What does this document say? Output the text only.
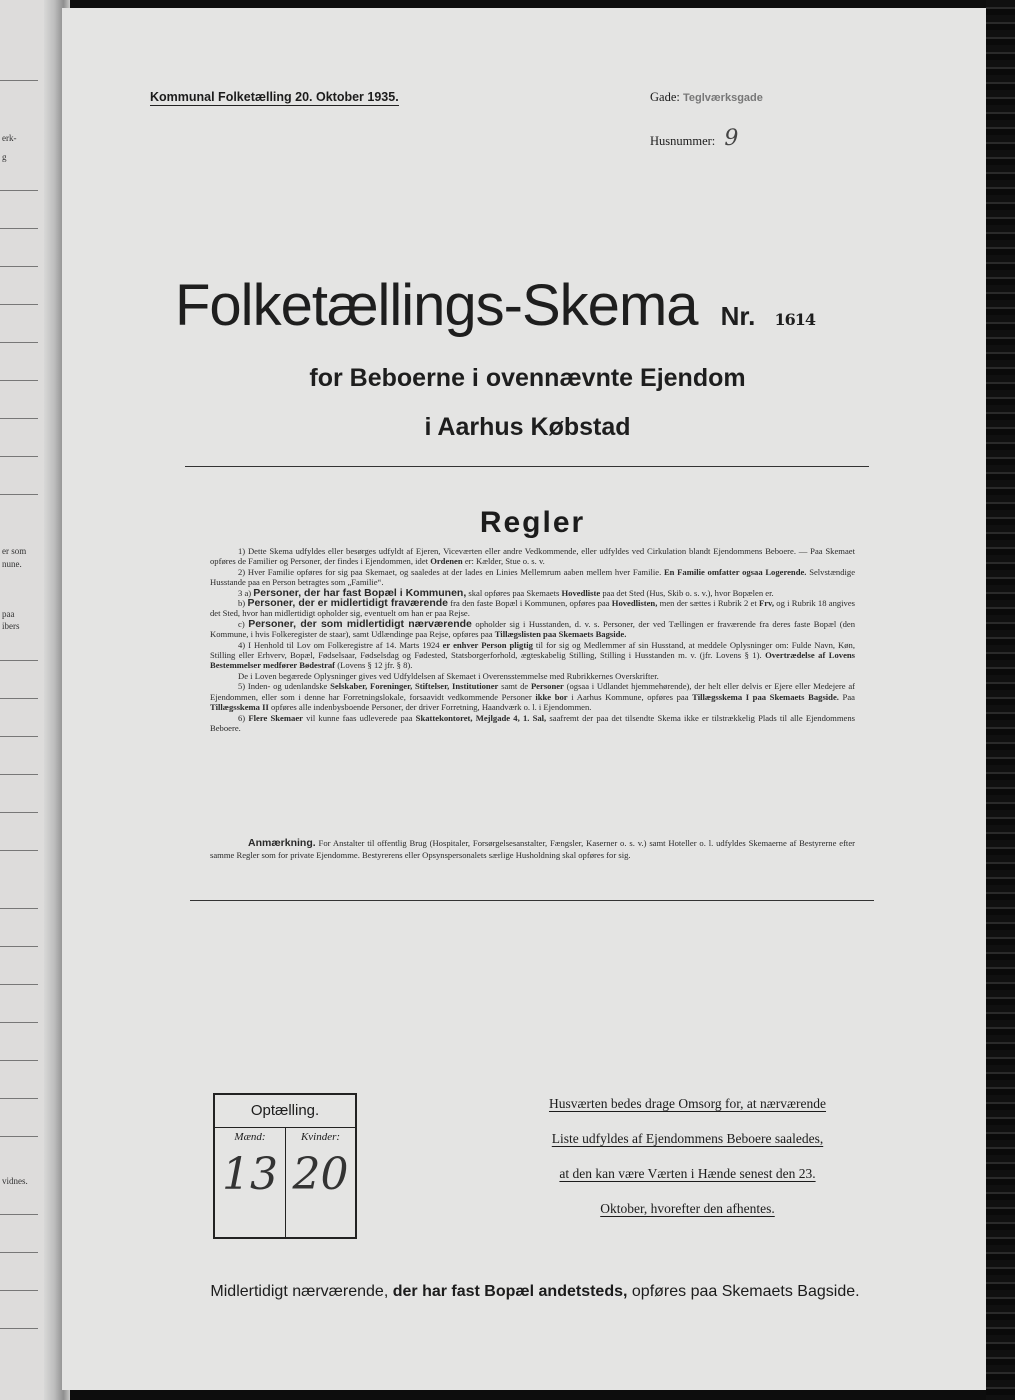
erk-
g
er som
nune.
paa
ibers
vidnes.
Kommunal Folketælling 20. Oktober 1935.	Gade: Teglværksgade
Husnummer: 9
Folketællings-Skema Nr. 1614
for Beboerne i ovennævnte Ejendom
i Aarhus Købstad
Regler

1) Dette Skema udfyldes eller besørges udfyldt af Ejeren, Viceværten eller andre Vedkommende, eller udfyldes ved Cirkulation blandt Ejendommens Beboere. — Paa Skemaet opføres de Familier og Personer, der findes i Ejendommen, idet Ordenen er: Kælder, Stue o. s. v.

2) Hver Familie opføres for sig paa Skemaet, og saaledes at der lades en Linies Mellemrum aaben mellem hver Familie. En Familie omfatter ogsaa Logerende. Selvstændige Husstande paa en Person betragtes som „Familie“.

3 a) Personer, der har fast Bopæl i Kommunen, skal opføres paa Skemaets Hovedliste paa det Sted (Hus, Skib o. s. v.), hvor Bopælen er.

b) Personer, der er midlertidigt fraværende fra den faste Bopæl i Kommunen, opføres paa Hovedlisten, men der sættes i Rubrik 2 et Frv, og i Rubrik 18 angives det Sted, hvor han midlertidigt opholder sig, eventuelt om han er paa Rejse.

c) Personer, der som midlertidigt nærværende opholder sig i Husstanden, d. v. s. Personer, der ved Tællingen er fraværende fra deres faste Bopæl (den Kommune, i hvis Folkeregister de staar), samt Udlændinge paa Rejse, opføres paa Tillægslisten paa Skemaets Bagside.

4) I Henhold til Lov om Folkeregistre af 14. Marts 1924 er enhver Person pligtig til for sig og Medlemmer af sin Husstand, at meddele Oplysninger om: Fulde Navn, Køn, Stilling eller Erhverv, Bopæl, Fødselsaar, Fødselsdag og Fødested, Statsborgerforhold, ægteskabelig Stilling, Stilling i Husstanden m. v. (jfr. Lovens § 1). Overtrædelse af Lovens Bestemmelser medfører Bødestraf (Lovens § 12 jfr. § 8).

De i Loven begærede Oplysninger gives ved Udfyldelsen af Skemaet i Overensstemmelse med Rubrikkernes Overskrifter.

5) Inden- og udenlandske Selskaber, Foreninger, Stiftelser, Institutioner samt de Personer (ogsaa i Udlandet hjemmehørende), der helt eller delvis er Ejere eller Medejere af Ejendommen, eller som i denne har Forretningslokale, forsaavidt vedkommende Personer ikke bor i Aarhus Kommune, opføres paa Tillægsskema I paa Skemaets Bagside. Paa Tillægsskema II opføres alle indenbysboende Personer, der driver Forretning, Haandværk o. l. i Ejendommen.

6) Flere Skemaer vil kunne faas udleverede paa Skattekontoret, Mejlgade 4, 1. Sal, saafremt der paa det tilsendte Skema ikke er tilstrækkelig Plads til alle Ejendommens Beboere.

Anmærkning. For Anstalter til offentlig Brug (Hospitaler, Forsørgelsesanstalter, Fængsler, Kaserner o. s. v.) samt Hoteller o. l. udfyldes Skemaerne af Bestyrerne efter samme Regler som for private Ejendomme. Bestyrerens eller Opsynspersonalets særlige Husholdning skal opføres for sig.
Optælling.
Mænd:
13
Kvinder:
20
Husværten bedes drage Omsorg for, at nærværende
Liste udfyldes af Ejendommens Beboere saaledes,
at den kan være Værten i Hænde senest den 23.
Oktober, hvorefter den afhentes.
Midlertidigt nærværende, der har fast Bopæl andetsteds, opføres paa Skemaets Bagside.
